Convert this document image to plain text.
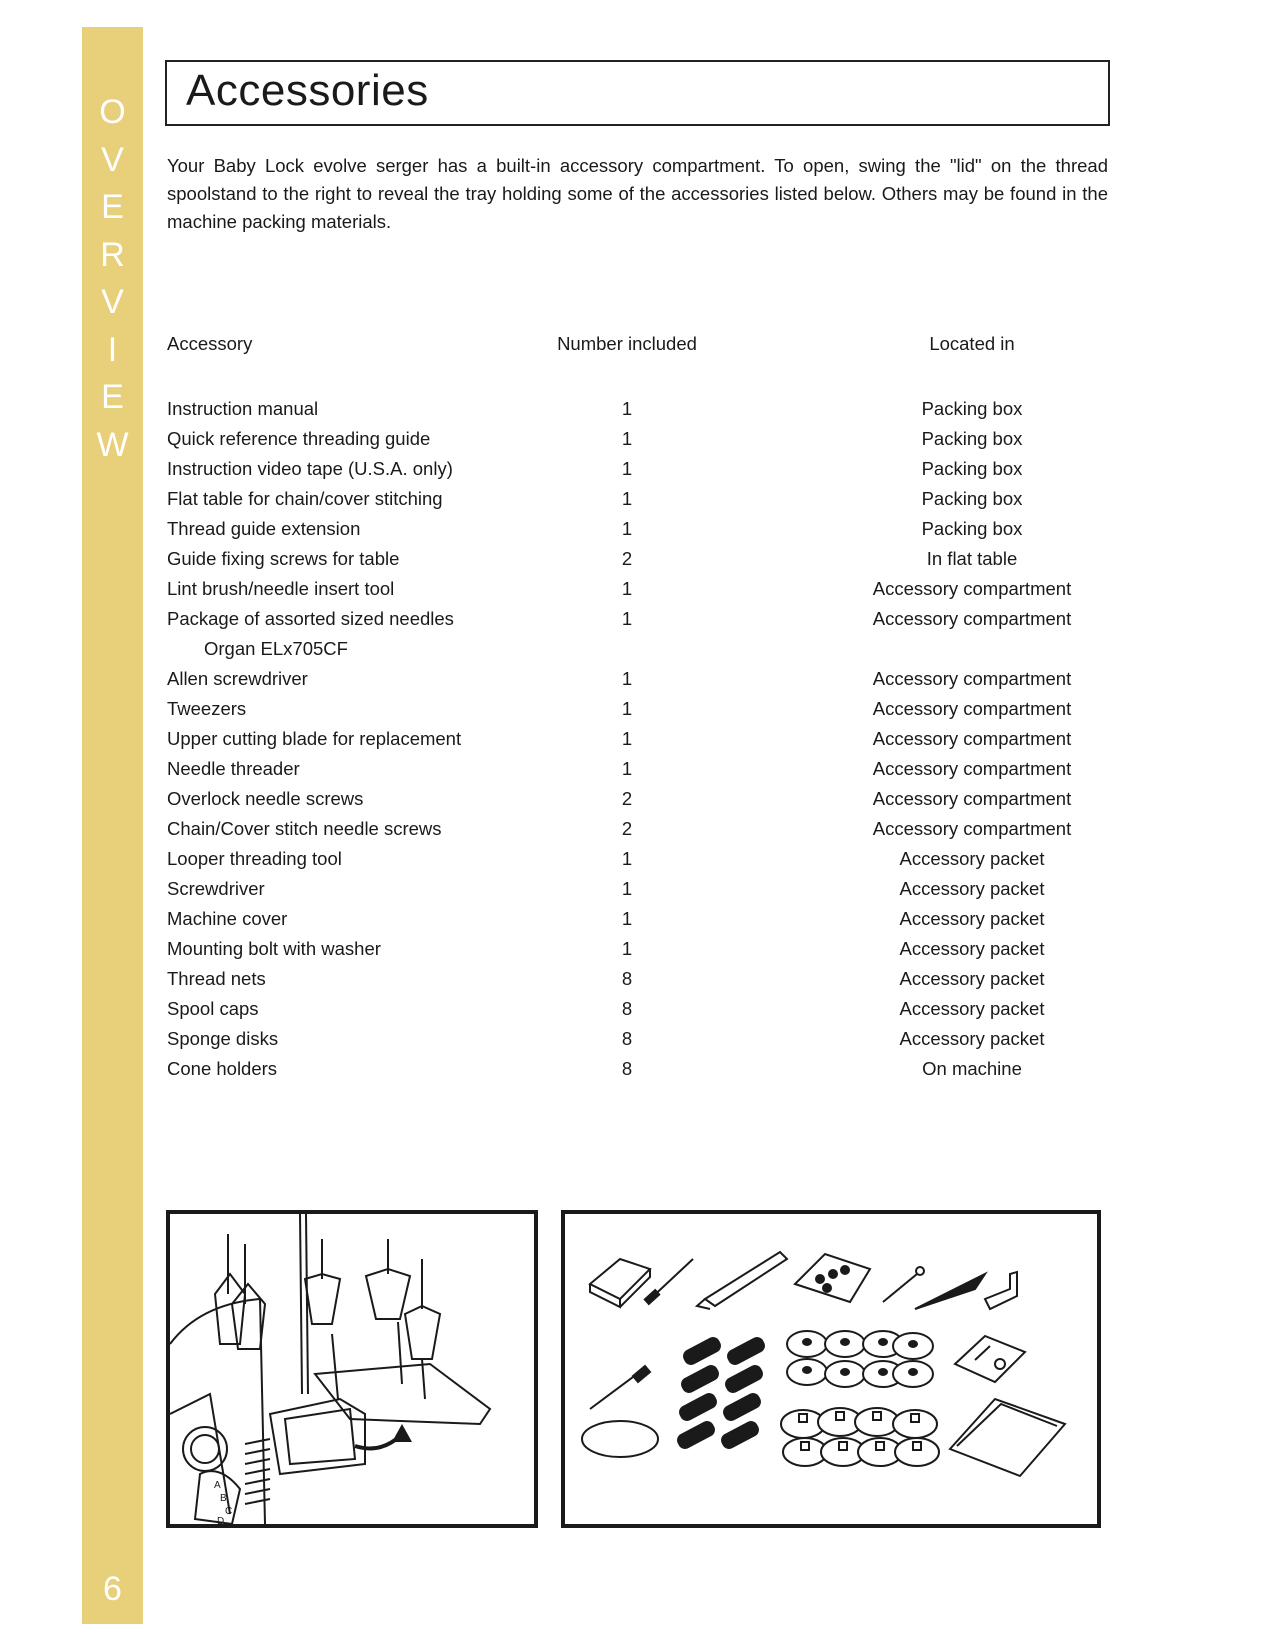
O
V
E
R
V
I
E
W
6
Accessories

Your Baby Lock evolve serger has a built-in accessory compartment. To open, swing the "lid" on the thread spoolstand to the right to reveal the tray holding some of the accessories listed below. Others may be found in the machine packing materials.

Accessory	Number included	Located in
Instruction manual	1	Packing box
Quick reference threading guide	1	Packing box
Instruction video tape (U.S.A. only)	1	Packing box
Flat table for chain/cover stitching	1	Packing box
Thread guide extension	1	Packing box
Guide fixing screws for table	2	In flat table
Lint brush/needle insert tool	1	Accessory compartment
Package of assorted sized needles	1	Accessory compartment
Organ ELx705CF
Allen screwdriver	1	Accessory compartment
Tweezers	1	Accessory compartment
Upper cutting blade for replacement	1	Accessory compartment
Needle threader	1	Accessory compartment
Overlock needle screws	2	Accessory compartment
Chain/Cover stitch needle screws	2	Accessory compartment
Looper threading tool	1	Accessory packet
Screwdriver	1	Accessory packet
Machine cover	1	Accessory packet
Mounting bolt with washer	1	Accessory packet
Thread nets	8	Accessory packet
Spool caps	8	Accessory packet
Sponge disks	8	Accessory packet
Cone holders	8	On machine
A
B
C
D
